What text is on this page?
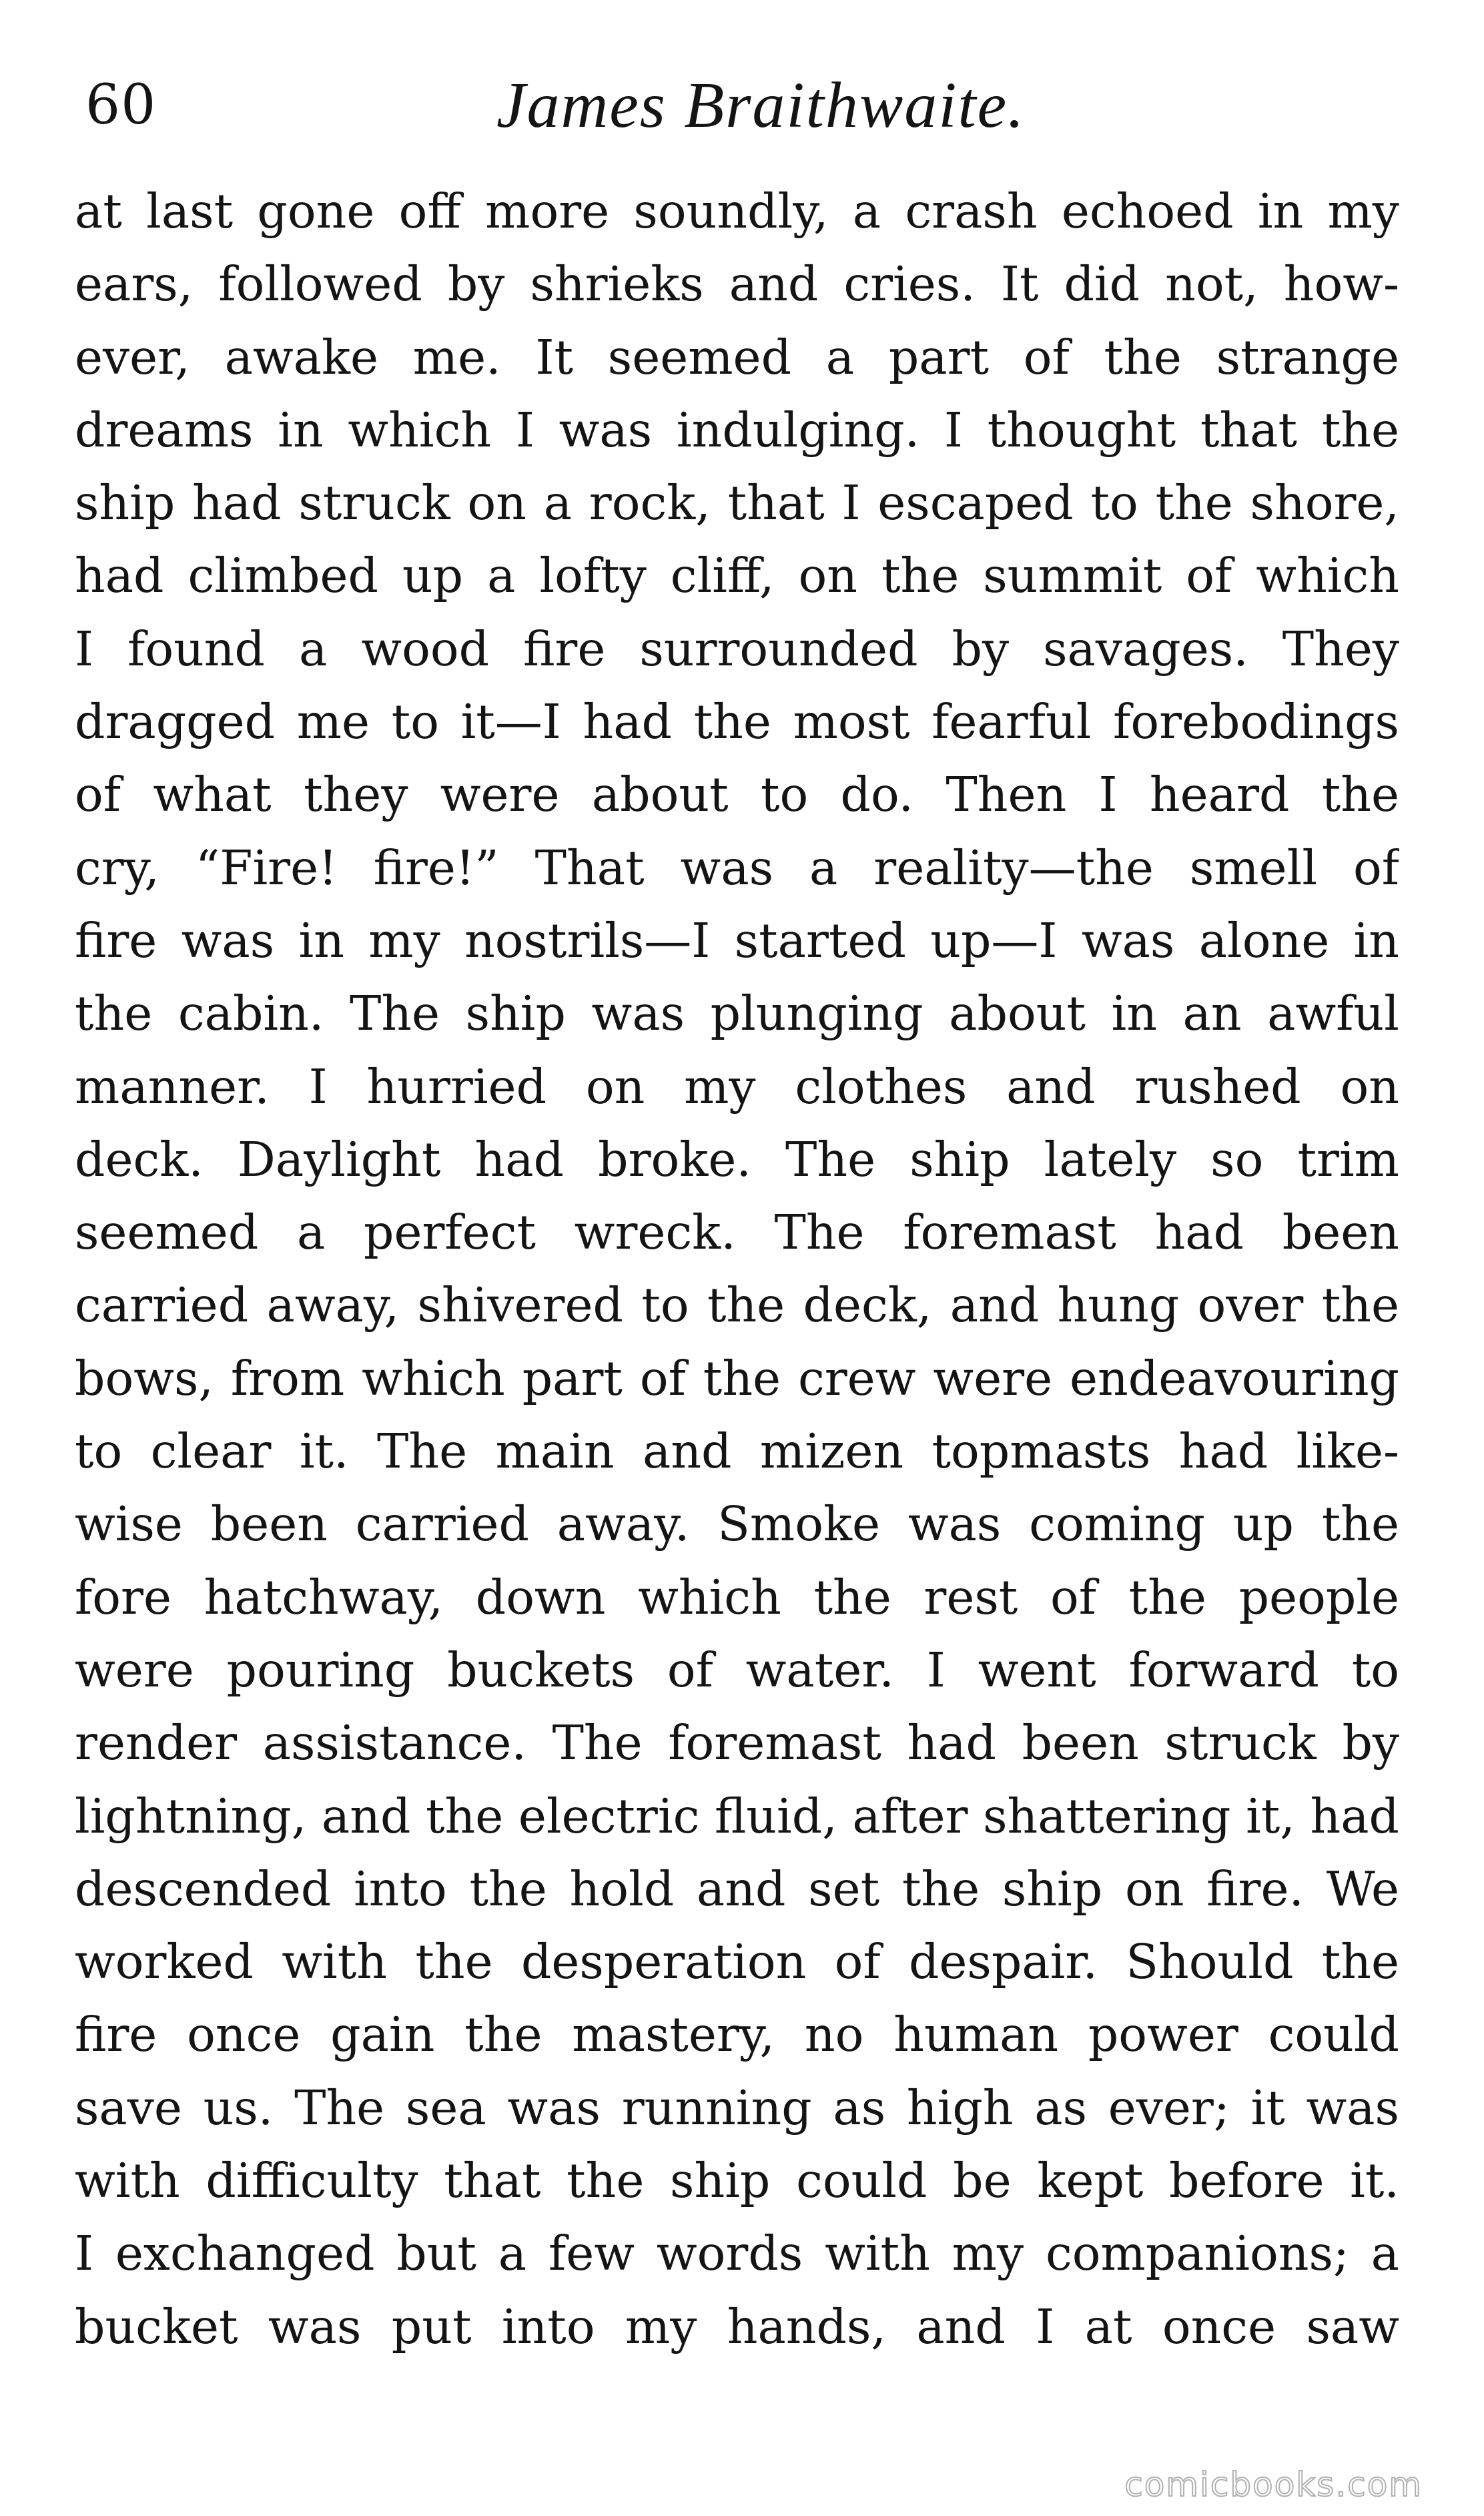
60	James Braithwaite.
at last gone off more soundly, a crash echoed in my
ears, followed by shrieks and cries. It did not, how-
ever, awake me. It seemed a part of the strange
dreams in which I was indulging. I thought that the
ship had struck on a rock, that I escaped to the shore,
had climbed up a lofty cliff, on the summit of which
I found a wood fire surrounded by savages. They
dragged me to it—I had the most fearful forebodings
of what they were about to do. Then I heard the
cry, “Fire! fire!” That was a reality—the smell of
fire was in my nostrils—I started up—I was alone in
the cabin. The ship was plunging about in an awful
manner. I hurried on my clothes and rushed on
deck. Daylight had broke. The ship lately so trim
seemed a perfect wreck. The foremast had been
carried away, shivered to the deck, and hung over the
bows, from which part of the crew were endeavouring
to clear it. The main and mizen topmasts had like-
wise been carried away. Smoke was coming up the
fore hatchway, down which the rest of the people
were pouring buckets of water. I went forward to
render assistance. The foremast had been struck by
lightning, and the electric fluid, after shattering it, had
descended into the hold and set the ship on fire. We
worked with the desperation of despair. Should the
fire once gain the mastery, no human power could
save us. The sea was running as high as ever; it was
with difficulty that the ship could be kept before it.
I exchanged but a few words with my companions; a
bucket was put into my hands, and I at once saw
comicbooks.com
